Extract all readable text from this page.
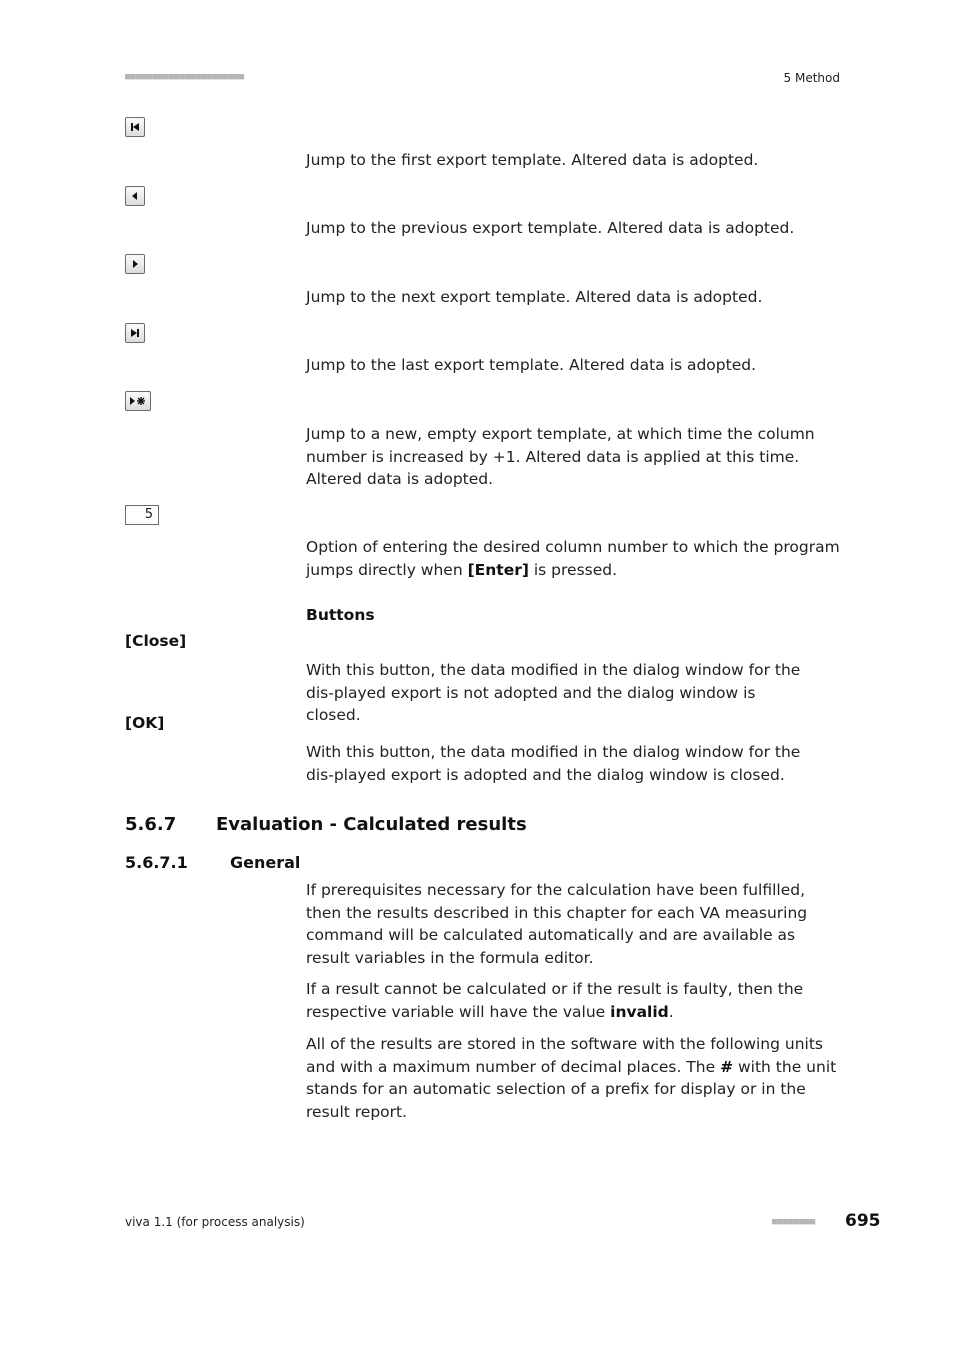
■■■■■■■■■■■■■■■■■■■■■■	5 Method
Jump to the first export template. Altered data is adopted.
Jump to the previous export template. Altered data is adopted.
Jump to the next export template. Altered data is adopted.
Jump to the last export template. Altered data is adopted.
Jump to a new, empty export template, at which time the column number is increased by +1. Altered data is applied at this time. Altered data is adopted.
5
Option of entering the desired column number to which the program jumps directly when [Enter] is pressed.
Buttons
[Close]
With this button, the data modified in the dialog window for the dis-played export is not adopted and the dialog window is closed.
[OK]
With this button, the data modified in the dialog window for the dis-played export is adopted and the dialog window is closed.
5.6.7 Evaluation - Calculated results
5.6.7.1	General
If prerequisites necessary for the calculation have been fulfilled, then the results described in this chapter for each VA measuring command will be calculated automatically and are available as result variables in the formula editor.
If a result cannot be calculated or if the result is faulty, then the respective variable will have the value invalid.
All of the results are stored in the software with the following units and with a maximum number of decimal places. The # with the unit stands for an automatic selection of a prefix for display or in the result report.
viva 1.1 (for process analysis)	■■■■■■■■ 695
